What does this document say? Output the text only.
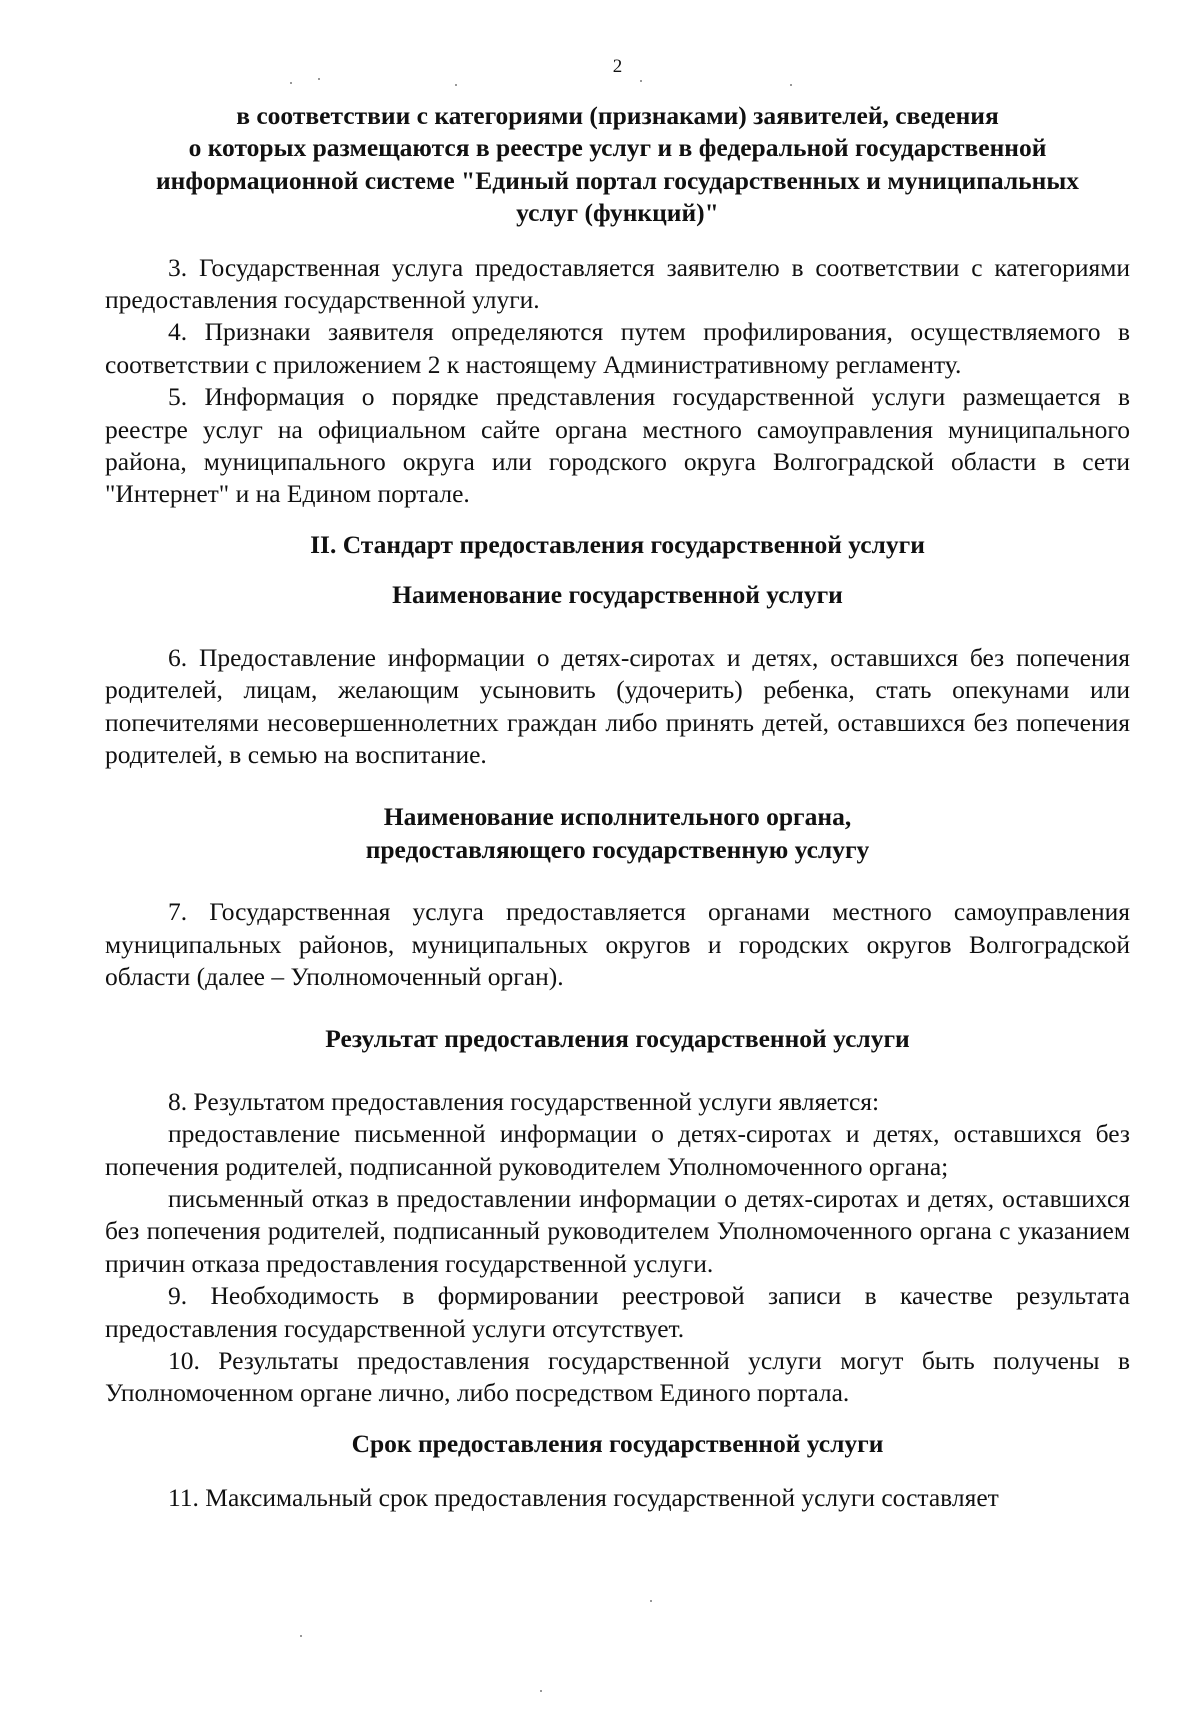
2
в соответствии с категориями (признаками) заявителей, сведения
о которых размещаются в реестре услуг и в федеральной государственной
информационной системе "Единый портал государственных и муниципальных
услуг (функций)"

3. Государственная услуга предоставляется заявителю в соответствии с категориями предоставления государственной улуги.

4. Признаки заявителя определяются путем профилирования, осуществляемого в соответствии с приложением 2 к настоящему Административному регламенту.

5. Информация о порядке представления государственной услуги размещается в реестре услуг на официальном сайте органа местного самоуправления муниципального района, муниципального округа или городского округа Волгоградской области в сети "Интернет" и на Едином портале.

II. Стандарт предоставления государственной услуги
Наименование государственной услуги

6. Предоставление информации о детях-сиротах и детях, оставшихся без попечения родителей, лицам, желающим усыновить (удочерить) ребенка, стать опекунами или попечителями несовершеннолетних граждан либо принять детей, оставшихся без попечения родителей, в семью на воспитание.

Наименование исполнительного органа,
предоставляющего государственную услугу

7. Государственная услуга предоставляется органами местного самоуправления муниципальных районов, муниципальных округов и городских округов Волгоградской области (далее – Уполномоченный орган).

Результат предоставления государственной услуги

8. Результатом предоставления государственной услуги является:

предоставление письменной информации о детях-сиротах и детях, оставшихся без попечения родителей, подписанной руководителем Уполномоченного органа;

письменный отказ в предоставлении информации о детях-сиротах и детях, оставшихся без попечения родителей, подписанный руководителем Уполномоченного органа с указанием причин отказа предоставления государственной услуги.

9. Необходимость в формировании реестровой записи в качестве результата предоставления государственной услуги отсутствует.

10. Результаты предоставления государственной услуги могут быть получены в Уполномоченном органе лично, либо посредством Единого портала.

Срок предоставления государственной услуги

11. Максимальный срок предоставления государственной услуги составляет
